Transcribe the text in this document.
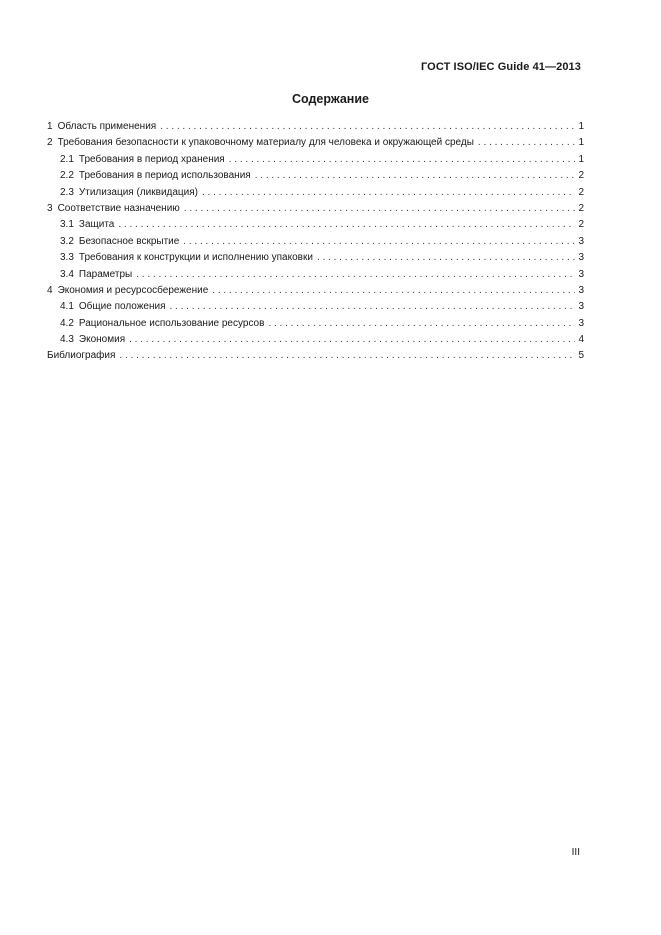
ГОСТ ISO/IEC Guide 41—2013
Содержание
1 Область применения . . .	1
2 Требования безопасности к упаковочному материалу для человека и окружающей среды . . .	1
2.1 Требования в период хранения . . .	1
2.2 Требования в период использования . . .	2
2.3 Утилизация (ликвидация) . . .	2
3 Соответствие назначению . . .	2
3.1 Защита . . .	2
3.2 Безопасное вскрытие . . .	3
3.3 Требования к конструкции и исполнению упаковки . . .	3
3.4 Параметры . . .	3
4 Экономия и ресурсосбережение . . .	3
4.1 Общие положения . . .	3
4.2 Рациональное использование ресурсов . . .	3
4.3 Экономия . . .	4
Библиография . . .	5
III
